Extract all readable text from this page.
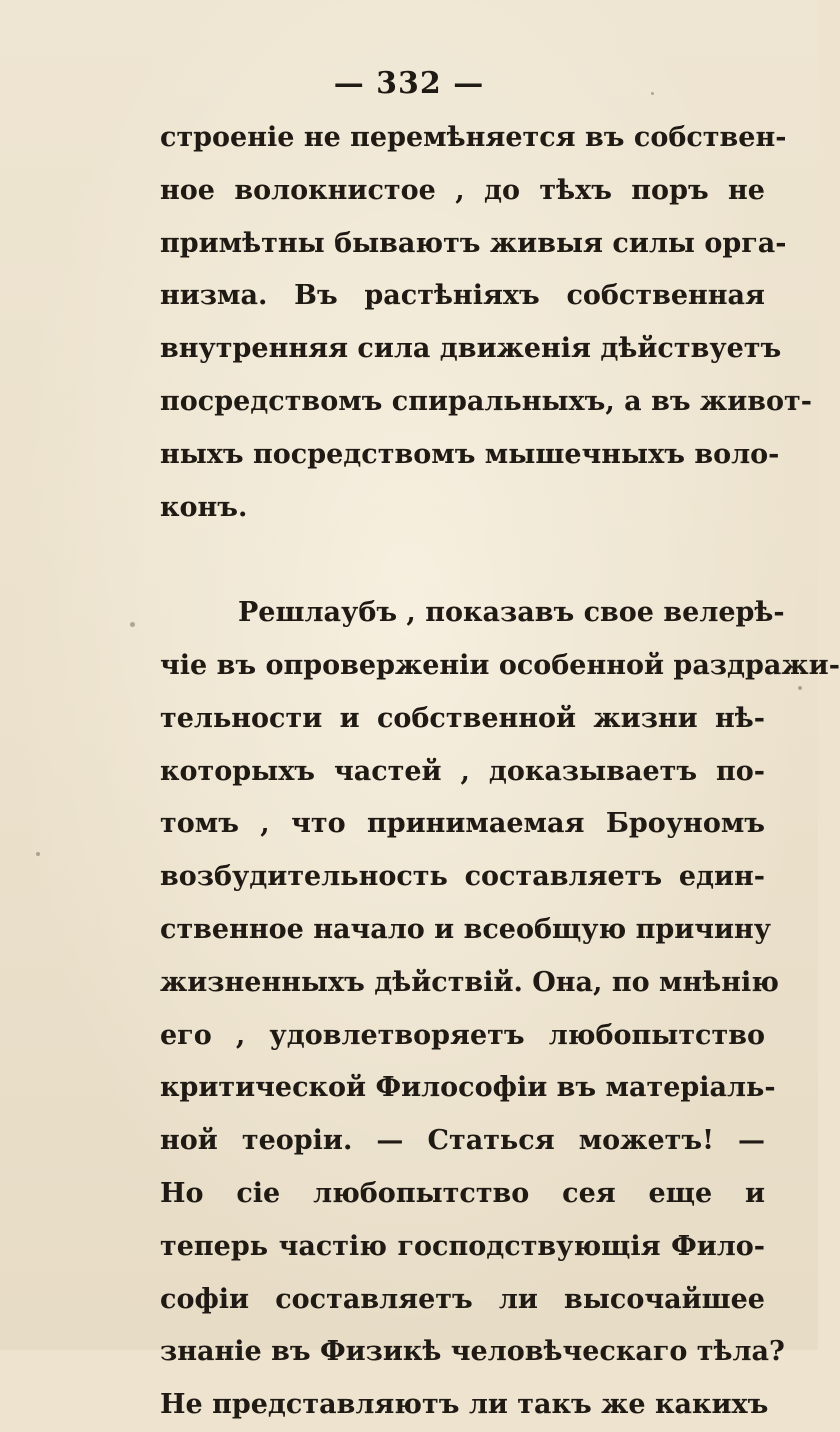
— 332 —
строеніе не перемѣняется въ собствен-
ное волокнистое , до тѣхъ поръ не
примѣтны бываютъ живыя силы орга-
низма. Въ растѣніяхъ собственная
внутренняя сила движенія дѣйствуетъ
посредствомъ спиральныхъ, а въ живот-
ныхъ посредствомъ мышечныхъ воло-
конъ.
Решлаубъ , показавъ свое велерѣ-
чіе въ опроверженіи особенной раздражи-
тельности и собственной жизни нѣ-
которыхъ частей , доказываетъ по-
томъ , что принимаемая Броуномъ
возбудительность составляетъ един-
ственное начало и всеобщую причину
жизненныхъ дѣйствій. Она, по мнѣнію
его , удовлетворяетъ любопытство
критической Философіи въ матеріаль-
ной теоріи. — Статься можетъ! —
Но сіе любопытство сея еще и
теперь частію господствующія Фило-
софіи составляетъ ли высочайшее
знаніе въ Физикѣ человѣческаго тѣла?
Не представляютъ ли такъ же какихъ
